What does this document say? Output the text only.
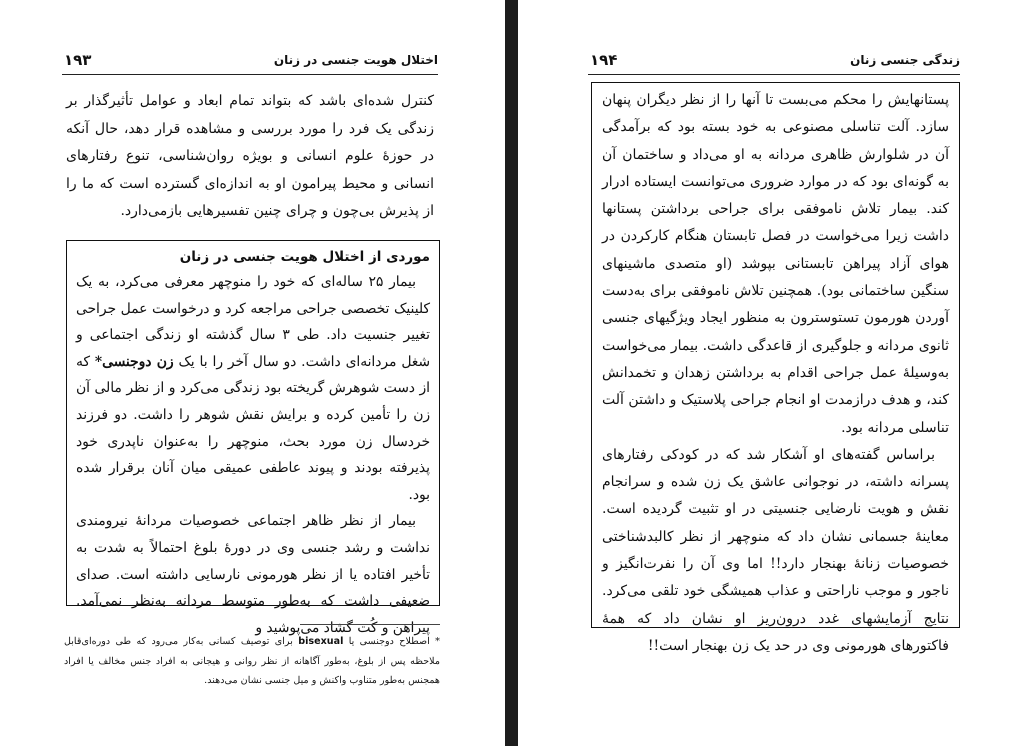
اختلال هویت جنسی در زنان
۱۹۳
کنترل شده‌ای باشد که بتواند تمام ابعاد و عوامل تأثیرگذار بر زندگی یک فرد را مورد بررسی و مشاهده قرار دهد، حال آنکه در حوزهٔ علوم انسانی و بویژه روان‌شناسی، تنوع رفتارهای انسانی و محیط پیرامون او به اندازه‌ای گسترده است که ما را از پذیرش بی‌چون و چرای چنین تفسیرهایی بازمی‌دارد.
موردی از اختلال هویت جنسی در زنان

بیمار ۲۵ ساله‌ای که خود را منوچهر معرفی می‌کرد، به یک کلینیک تخصصی جراحی مراجعه کرد و درخواست عمل جراحی تغییر جنسیت داد. طی ۳ سال گذشته او زندگی اجتماعی و شغل مردانه‌ای داشت. دو سال آخر را با یک زن دوجنسی* که از دست شوهرش گریخته بود زندگی می‌کرد و از نظر مالی آن زن را تأمین کرده و برایش نقش شوهر را داشت. دو فرزند خردسال زن مورد بحث، منوچهر را به‌عنوان ناپدری خود پذیرفته بودند و پیوند عاطفی عمیقی میان آنان برقرار شده بود.

بیمار از نظر ظاهر اجتماعی خصوصیات مردانهٔ نیرومندی نداشت و رشد جنسی وی در دورهٔ بلوغ احتمالاً به شدت به تأخیر افتاده یا از نظر هورمونی نارسایی داشته است. صدای ضعیفی داشت که به‌طور متوسط مردانه به‌نظر نمی‌آمد. پیراهن و کُت گشاد می‌پوشید و

* اصطلاح دوجنسی یا bisexual برای توصیف کسانی به‌کار می‌رود که طی دوره‌ای‌قابل ملاحظه پس از بلوغ، به‌طور آگاهانه از نظر روانی و هیجانی به افراد جنس مخالف یا افراد همجنس به‌طور متناوب واکنش و میل جنسی نشان می‌دهند.
زندگی جنسی زنان
۱۹۴

پستانهایش را محکم می‌بست تا آنها را از نظر دیگران پنهان سازد. آلت تناسلی مصنوعی به خود بسته بود که برآمدگی آن در شلوارش ظاهری مردانه به او می‌داد و ساختمان آن به گونه‌ای بود که در موارد ضروری می‌توانست ایستاده ادرار کند. بیمار تلاش ناموفقی برای جراحی برداشتن پستانها داشت زیرا می‌خواست در فصل تابستان هنگام کارکردن در هوای آزاد پیراهن تابستانی بپوشد (او متصدی ماشینهای سنگین ساختمانی بود). همچنین تلاش ناموفقی برای به‌دست آوردن هورمون تستوسترون به منظور ایجاد ویژگیهای جنسی ثانوی مردانه و جلوگیری از قاعدگی داشت. بیمار می‌خواست به‌وسیلهٔ عمل جراحی اقدام به برداشتن زهدان و تخمدانش کند، و هدف درازمدت او انجام جراحی پلاستیک و داشتن آلت تناسلی مردانه بود.

براساس گفته‌های او آشکار شد که در کودکی رفتارهای پسرانه داشته، در نوجوانی عاشق یک زن شده و سرانجام نقش و هویت نارضایی جنسیتی در او تثبیت گردیده است. معاینهٔ جسمانی نشان داد که منوچهر از نظر کالبدشناختی خصوصیات زنانهٔ بهنجار دارد!! اما وی آن را نفرت‌انگیز و ناجور و موجب ناراحتی و عذاب همیشگی خود تلقی می‌کرد. نتایج آزمایشهای غدد درون‌ریز او نشان داد که همهٔ فاکتورهای هورمونی وی در حد یک زن بهنجار است!!
